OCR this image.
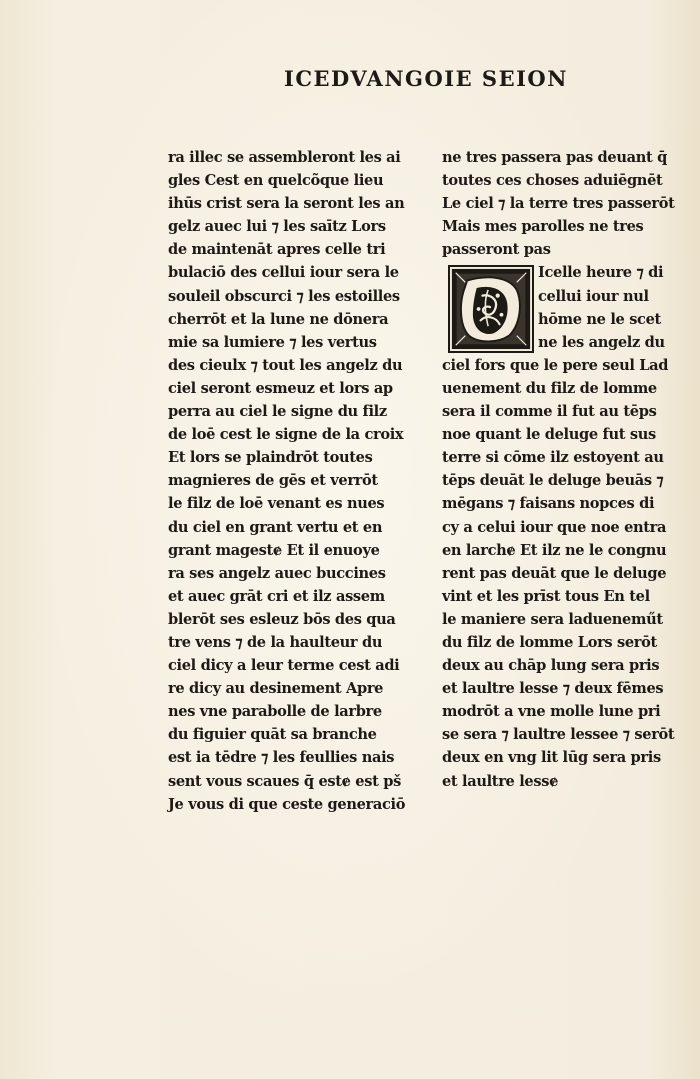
ICEDVANGOIE SEION
ra illec se assembleront les ai
gles Cest en quelcõque lieu
ihūs crist sera la seront les an
gelz auec lui ⁊ les saītz Lors
de maintenāt apres celle tri
bulaciō des cellui iour sera le
souleil obscurci ⁊ les estoilles
cherrōt et la lune ne dōnera
mie sa lumiere ⁊ les vertus
des cieulx ⁊ tout les angelz du
ciel seront esmeuz et lors ap
perra au ciel le signe du filz
de loē cest le signe de la croix
Et lors se plaindrōt toutes
magnieres de gēs et verrōt
le filz de loē venant es nues
du ciel en grant vertu et en
grant magestɇ Et il enuoye
ra ses angelz auec buccines
et auec grāt cri et ilz assem
blerōt ses esleuz bōs des qua
tre vens ⁊ de la haulteur du
ciel dicy a leur terme cest adi
re dicy au desinement Apre
nes vne parabolle de larbre
du figuier quāt sa branche
est ia tēdre ⁊ les feullies nais
sent vous scaues q̄ estɇ est pš
Je vous di que ceste generaciō
ne tres passera pas deuant q̄
toutes ces choses aduiēgnēt
Le ciel ⁊ la terre tres passerōt
Mais mes parolles ne tres
passeront pas
Icelle heure ⁊ di
cellui iour nul
hōme ne le scet
ne les angelz du
ciel fors que le pere seul Lad
uenement du filz de lomme
sera il comme il fut au tēps
noe quant le deluge fut sus
terre si cōme ilz estoyent au
tēps deuāt le deluge beuās ⁊
mēgans ⁊ faisans nopces di
cy a celui iour que noe entra
en larchɇ Et ilz ne le congnu
rent pas deuāt que le deluge
vint et les prīst tous En tel
le maniere sera ladueneműt
du filz de lomme Lors serōt
deux au chāp lung sera pris
et laultre lesse ⁊ deux fēmes
modrōt a vne molle lune pri
se sera ⁊ laultre lessee ⁊ serōt
deux en vng lit lūg sera pris
et laultre lessɇ
